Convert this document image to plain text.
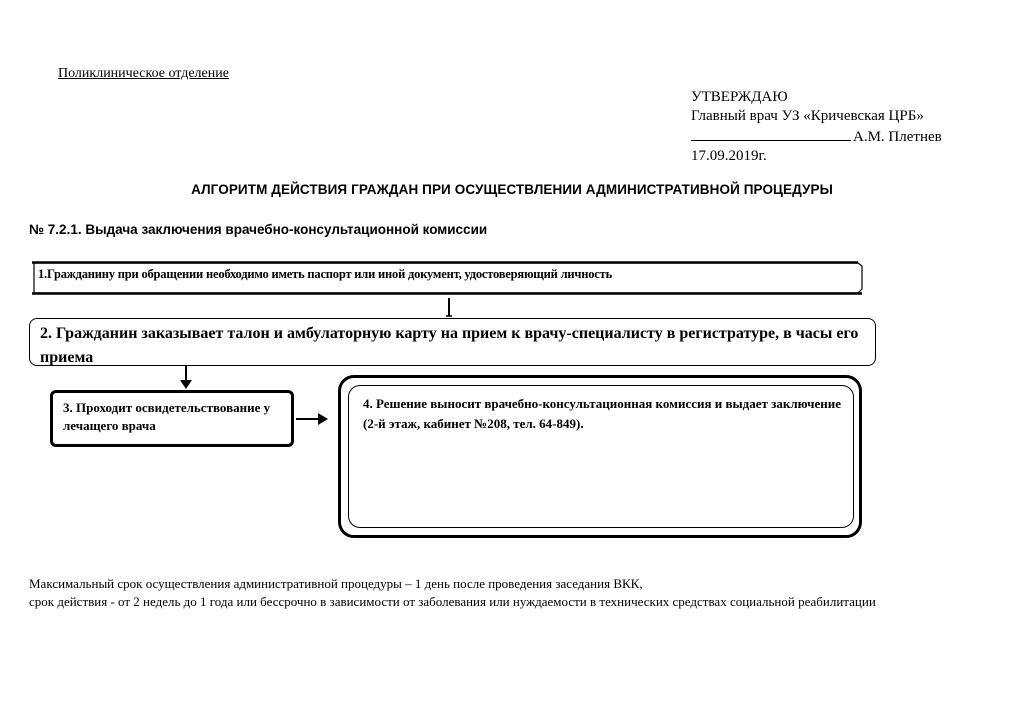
Поликлиническое отделение
УТВЕРЖДАЮ
Главный врач УЗ «Кричевская ЦРБ»
А.М. Плетнев
17.09.2019г.
АЛГОРИТМ ДЕЙСТВИЯ ГРАЖДАН ПРИ ОСУЩЕСТВЛЕНИИ АДМИНИСТРАТИВНОЙ ПРОЦЕДУРЫ
№ 7.2.1. Выдача заключения врачебно-консультационной комиссии
1.Гражданину при обращении необходимо иметь паспорт или иной документ, удостоверяющий личность
2. Гражданин заказывает талон и амбулаторную карту на прием к врачу-специалисту в регистратуре, в часы его приема
3. Проходит освидетельствование у лечащего врача
4. Решение выносит врачебно-консультационная комиссия и выдает заключение (2-й этаж, кабинет №208, тел. 64-849).
Максимальный срок осуществления административной процедуры – 1 день после проведения заседания ВКК,
срок действия - от 2 недель до 1 года или бессрочно в зависимости от заболевания или нуждаемости в технических средствах социальной реабилитации
